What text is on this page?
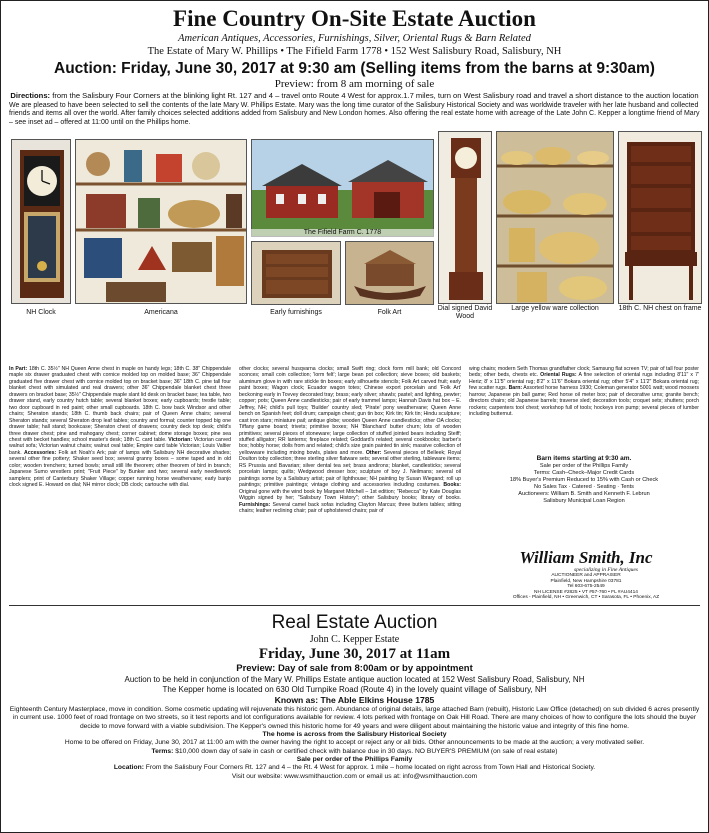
Fine Country On-Site Estate Auction
American Antiques, Accessories, Furnishings, Silver, Oriental Rugs & Barn Related
The Estate of Mary W. Phillips • The Fifield Farm 1778 • 152 West Salisbury Road, Salisbury, NH
Auction: Friday, June 30, 2017 at 9:30 am (Selling items from the barns at 9:30am)
Preview: from 8 am morning of sale
Directions: from the Salisbury Four Corners at the blinking light Rt. 127 and 4 – travel onto Route 4 West for approx.1.7 miles, turn on West Salisbury road and travel a short distance to the auction location
We are pleased to have been selected to sell the contents of the late Mary W. Phillips Estate. Mary was the long time curator of the Salisbury Historical Society and was worldwide traveler with her late husband and collected friends and items all over the world. After family choices selected additions added from Salisbury and New London homes. Also offering the real estate home with acreage of the Late John C. Kepper a longtime friend of Mary – see inset ad – offered at 11:00 until on the Phillips home.
NH Clock	Americana
The Fifield Farm C. 1778
Early furnishings	Folk Art
Dial signed David Wood
Large yellow ware collection	18th C. NH chest on frame
In Part: 18th C. 35½" NH Queen Anne chest in maple on handy legs; 18th C. 38" Chippendale maple six drawer graduated chest with cornice molded top on molded base; 36" Chippendale graduated five drawer chest with cornice molded top on bracket base; 36" 18th C. pine tall four blanket chest with simulated and real drawers; other 36" Chippendale blanket chest three drawers on bracket base; 35½" Chippendale maple slant lid desk on bracket base; tea table, two drawer stand, early country hutch table; several blanket boxes; early cupboards; trestle table; two door cupboard in red paint; other small cupboards. 18th C. bow back Windsor and other chairs; Sheraton stands; 18th C. thumb back chairs; pair of Queen Anne chairs; several Sheraton stands; several Sheraton drop leaf tables; country and formal; counter topped big one drawer table; hall stand; bookcase; Sheraton chest of drawers; country deck top desk; child's three drawer chest; pine and mahogany chest; corner cabinet; dome storage boxes; pine sea chest with becket handles; school master's desk; 18th C. card table. Victorian: Victorian carved walnut sofa; Victorian walnut chairs; walnut oval table; Empire card table Victorian; Louis Valtier bank. Accessories: Folk art Noah's Ark; pair of lamps with Salisbury NH decorative shades; several other fine pottery; Shaker seed box; several granny boxes – some taped and in old color; wooden trenchers; turned bowls; small still life theorem; other theorem of bird in branch; Japanese Sumo wrestlers print; "Fruit Piece" by Bunker and two; several early needlework samplers; print of Canterbury Shaker Village; copper running horse weathervane; early banjo clock signed E. Howard on dial; NH mirror clock; DB clock; cartouche with dial.
other clocks; several husqvarna clocks; small Swift ring; clock form mill bank; old Concord sconces; small coin collection; 'lorm felt'; large bean pot collection; sieve boxes; old baskets; aluminum glove in with rare stickle tin boxes; early silhouette stencils; Folk Art carved fruit; early paint boxes; Wagon clock; Ecuador wagon totes; Chinese export porcelain and 'Folk Art' beckoning early in Tovvey decorated tray; brass; early silver; shawls; pastel; and lighting, pewter; copper; pots; Queen Anne candlesticks; pair of early trammel lamps; Hannah Davis hat box – E. Jeffrey, NH; child's pull toys; 'Builder' country sled; 'Pirate' pony weathervane; Queen Anne bench on Spanish feet; doll drum; campaign chest; gun tin box; Kirk tin; Kirk tin; Hindu sculpture; cast iron stars; miniature pail; antique globe; wooden Queen Anne candlesticks; other OA clocks; Tiffany game board; trivets; primitive boxes; NH 'Blanchard' butter churn; lots of wooden primitives; several pieces of stoneware; large collection of stuffed jointed bears including Steiff; stuffed alligator; RR lanterns; fireplace related; Goddard's related; several cookbooks; barber's box; hobby horse; dolls from and related; child's size grain painted tin sink; massive collection of yellowware including mixing bowls, plates and more. Other: Several pieces of Belleek; Royal Doulton toby collection; three sterling silver flatware sets; several other sterling, tableware items; RS Prussia and Bavarian; silver dental tea set; brass andirons; blanket, candlesticks; several porcelain lamps; quilts; Wedgwood dresser box; sculpture of boy J. Neilmans; several oil paintings some by a Salisbury artist; pair of lighthouse; NH painting by Susan Wiegand; roll up paintings; primitive paintings; vintage clothing and accessories including costumes. Books: Original gone with the wind book by Margaret Mitchell – 1st edition; "Rebecca" by Kate Douglas Wiggin signed by her; "Salisbury Town History"; other Salisbury books; library of books. Furnishings: Several camel back sofas including Clayton Marcus; three butlers tables; sitting chairs; leather reclining chair; pair of upholstered chairs; pair of
wing chairs; modern Seth Thomas grandfather clock; Samsung flat screen TV; pair of tall four poster beds; other beds, chests etc. Oriental Rugs: A fine selection of oriental rugs including 8'11" x 7' Heriz; 8' x 11'5" oriental rug; 8'2" x 11'6" Bokara oriental rug; other 5'4" x 11'2" Bokara oriental rug; few scatter rugs. Barn: Assorted horse harness 1930; Coleman generator 5001 watt; wood moosers harrow; Japanese pin ball game; Red horse oil meter box; pair of decorative urns; granite bench; directors chairs; old Japanese barrels; traverse sled; decoration tools; croquet sets; shutters; porch rockers; carpenters tool chest; workshop full of tools; hockeys iron pump; several pieces of lumber including butternut.
Barn items starting at 9:30 am.
Sale per order of the Phillips Family
Terms: Cash–Check–Major Credit Cards
18% Buyer's Premium Reduced to 15% with Cash or Check
No Sales Tax · Catered · Seating · Tents
Auctioneers: William B. Smith and Kenneth F. Lebrun
Salisbury Municipal Loan Region
William Smith, Inc
specializing in Fine Antiques
AUCTIONEER and APPRAISER
Plainfield, New Hampshire 03781
Tel 603-675-2549
NH LICENSE #2825 • VT #57-760 • FL #AU4414
Offices - Plainfield, NH • Greenwich, CT • Sarasota, FL • Phoenix, AZ
Real Estate Auction
John C. Kepper Estate
Friday, June 30, 2017 at 11am
Preview: Day of sale from 8:00am or by appointment
Auction to be held in conjunction of the Mary W. Phillips Estate antique auction located at 152 West Salisbury Road, Salisbury, NH
The Kepper home is located on 630 Old Turnpike Road (Route 4) in the lovely quaint village of Salisbury, NH
Known as: The Able Elkins House 1785
Eighteenth Century Masterplace, move in condition. Some cosmetic updating will rejuvenate this historic gem. Abundance of original details, large attached Barn (rebuilt), Historic Law Office (detached) on sub divided 6 acres presently in current use. 1000 feet of road frontage on two streets, so it test reports and lot configurations available for review. 4 lots perked with frontage on Oak Hill Road. There are many choices of how to configure the lots should the buyer decide to move forward with a viable subdivision. The Kepper's owned this historic home for 49 years and were diligent about maintaining the historic value and integrity of this fine home.
The home is across from the Salisbury Historical Society
Home to be offered on Friday, June 30, 2017 at 11:00 am with the owner having the right to accept or reject any or all bids. Other announcements to be made at the auction; a very motivated seller.
Terms: $10,000 down day of sale in cash or certified check with balance due in 30 days. NO BUYER'S PREMIUM (on sale of real estate)
Sale per order of the Phillips Family
Location: From the Salisbury Four Corners Rt. 127 and 4 – the Rt. 4 West for approx. 1 mile – home located on right across from Town Hall and Historical Society.
Visit our website: www.wsmithauction.com or email us at: info@wsmithauction.com
